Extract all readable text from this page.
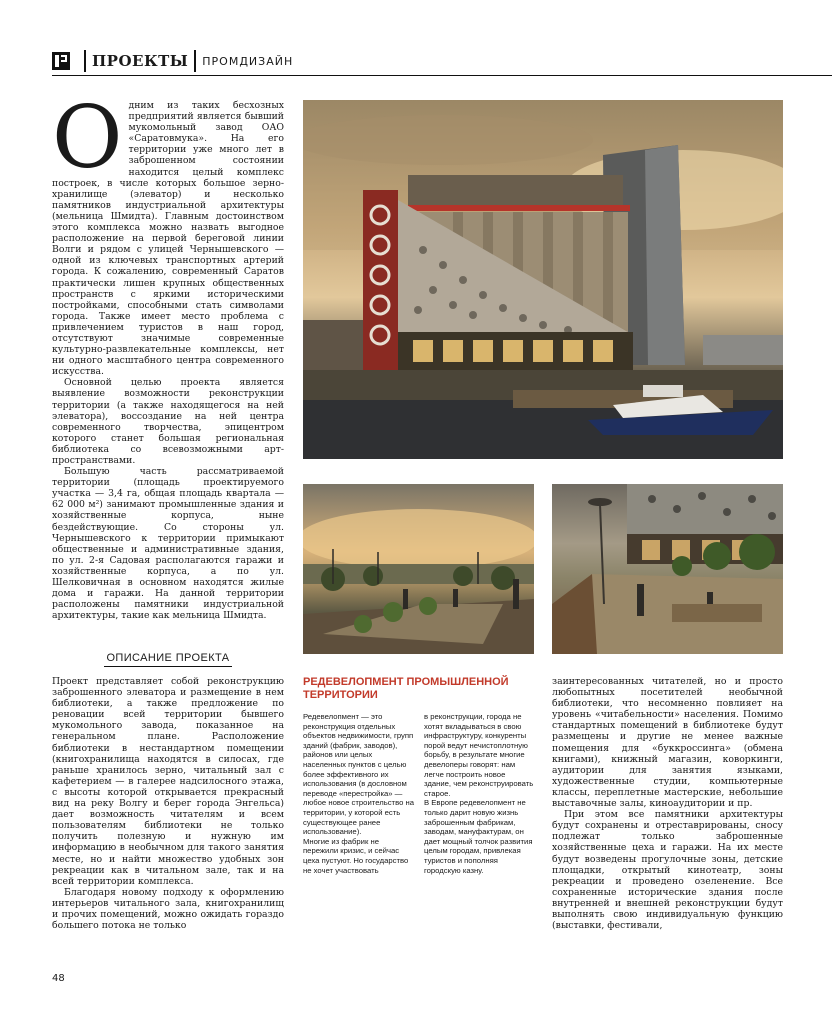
ПРОЕКТЫ ПРОМДИЗАЙН
О дним из таких бесхозных предприятий является бывший мукомольный завод ОАО «Саратовмука». На его территории уже много лет в заброшенном состоянии находится целый комплекс построек, в числе которых большое зернохранилище (элеватор) и несколько памятников индустриальной архитектуры (мельница Шмидта). Главным достоинством этого комплекса можно назвать выгодное расположение на первой береговой линии Волги и рядом с улицей Чернышевского — одной из ключевых транспортных артерий города. К сожалению, современный Саратов практически лишен крупных общественных пространств с яркими историческими постройками, способными стать символами города. Также имеет место проблема с привлечением туристов в наш город, отсутствуют значимые современные культурно-развлекательные комплексы, нет ни одного масштабного центра современного искусства.

Основной целью проекта является выявление возможности реконструкции территории (а также находящегося на ней элеватора), воссоздание на ней центра современного творчества, эпицентром которого станет большая региональная библиотека со всевозможными арт-пространствами.

Большую часть рассматриваемой территории (площадь проектируемого участка — 3,4 га, общая площадь квартала — 62 000 м²) занимают промышленные здания и хозяйственные корпуса, ныне бездействующие. Со стороны ул. Чернышевского к территории примыкают общественные и административные здания, по ул. 2-я Садовая располагаются гаражи и хозяйственные корпуса, а по ул. Шелковичная в основном находятся жилые дома и гаражи. На данной территории расположены памятники индустриальной архитектуры, такие как мельница Шмидта.

ОПИСАНИЕ ПРОЕКТА

Проект представляет собой реконструкцию заброшенного элеватора и размещение в нем библиотеки, а также предложение по реновации всей территории бывшего мукомольного завода, показанное на генеральном плане. Расположение библиотеки в нестандартном помещении (книгохранилища находятся в силосах, где раньше хранилось зерно, читальный зал с кафетерием — в галерее надсилосного этажа, с высоты которой открывается прекрасный вид на реку Волгу и берег города Энгельса) дает возможность читателям и всем пользователям библиотеки не только получить полезную и нужную им информацию в необычном для такого занятия месте, но и найти множество удобных зон рекреации как в читальном зале, так и на всей территории комплекса.

Благодаря новому подходу к оформлению интерьеров читального зала, книгохранилищ и прочих помещений, можно ожидать гораздо большего потока не только

РЕДЕВЕЛОПМЕНТ ПРОМЫШЛЕННОЙ ТЕРРИТОРИИ

Редевелопмент — это реконструкция отдельных объектов недвижимости, групп зданий (фабрик, заводов), районов или целых населенных пунктов с целью более эффективного их использования (в дословном переводе «перестройка» — любое новое строительство на территории, у которой есть существующее ранее использование).

Многие из фабрик не пережили кризис, и сейчас цеха пустуют. Но государство не хочет участвовать

в реконструкции, города не хотят вкладываться в свою инфраструктуру, конкуренты порой ведут нечистоплотную борьбу, в результате многие девелоперы говорят: нам легче построить новое здание, чем реконструировать старое.

В Европе редевелопмент не только дарит новую жизнь заброшенным фабрикам, заводам, мануфактурам, он дает мощный толчок развития целым городам, привлекая туристов и пополняя городскую казну.

заинтересованных читателей, но и просто любопытных посетителей необычной библиотеки, что несомненно повлияет на уровень «читабельности» населения. Помимо стандартных помещений в библиотеке будут размещены и другие не менее важные помещения для «буккроссинга» (обмена книгами), книжный магазин, коворкинги, аудитории для занятия языками, художественные студии, компьютерные классы, переплетные мастерские, небольшие выставочные залы, киноаудитории и пр.

При этом все памятники архитектуры будут сохранены и отреставрированы, сносу подлежат только заброшенные хозяйственные цеха и гаражи. На их месте будут возведены прогулочные зоны, детские площадки, открытый кинотеатр, зоны рекреации и проведено озеленение. Все сохраненные исторические здания после внутренней и внешней реконструкции будут выполнять свою индивидуальную функцию (выставки, фестивали,

48
